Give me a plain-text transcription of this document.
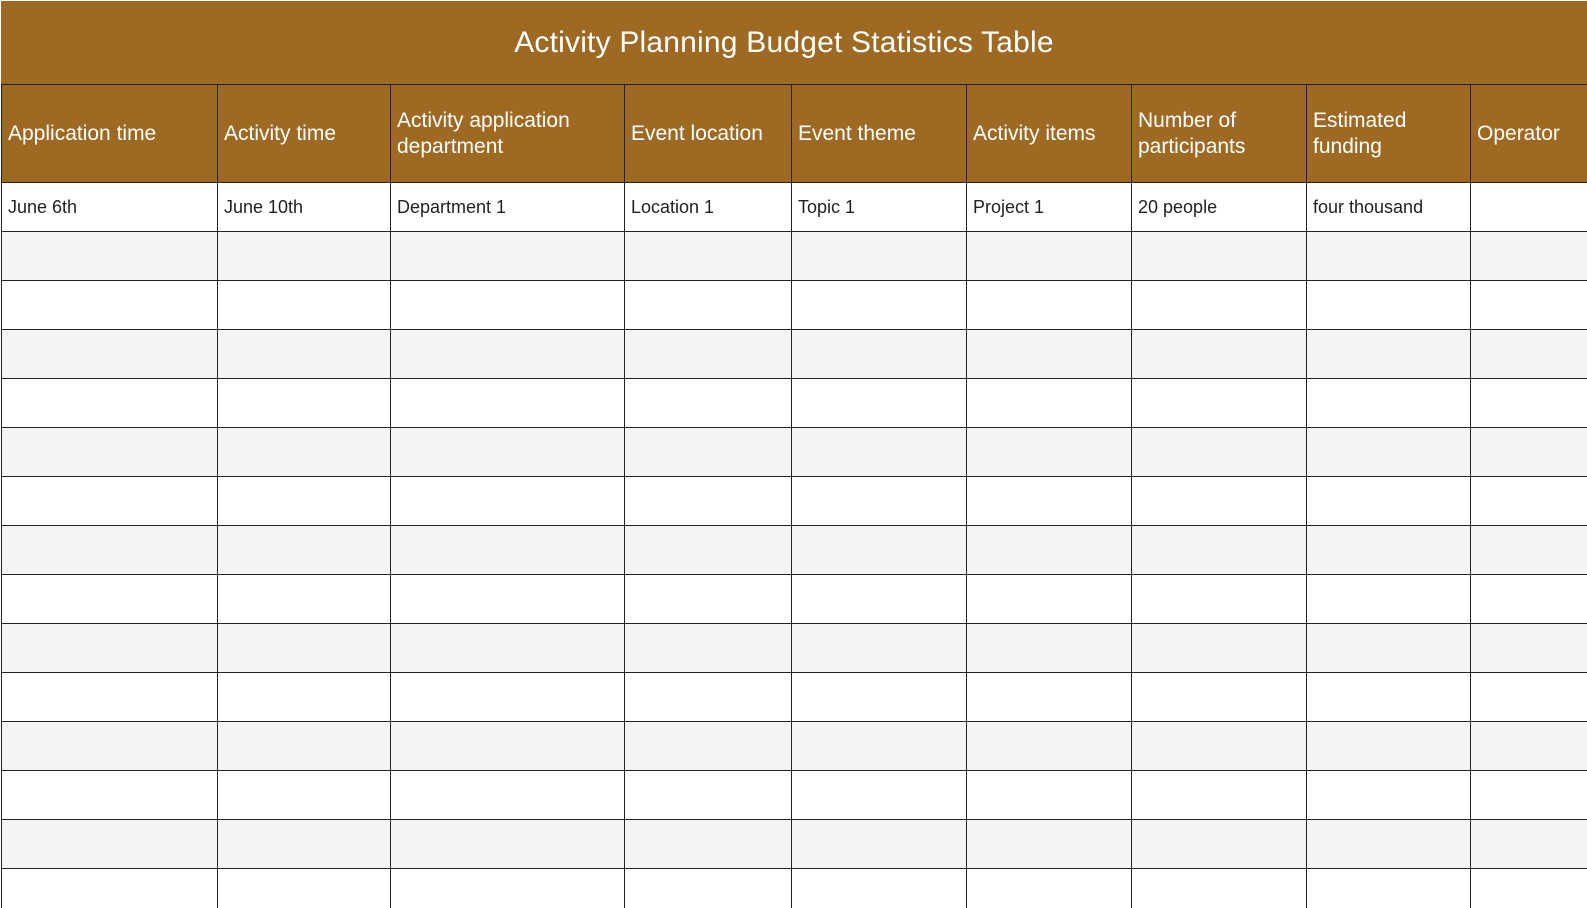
Activity Planning Budget Statistics Table
Application time	Activity time	Activity application department	Event location	Event theme	Activity items	Number of participants	Estimated funding	Operator
June 6th	June 10th	Department 1	Location 1	Topic 1	Project 1	20 people	four thousand	
